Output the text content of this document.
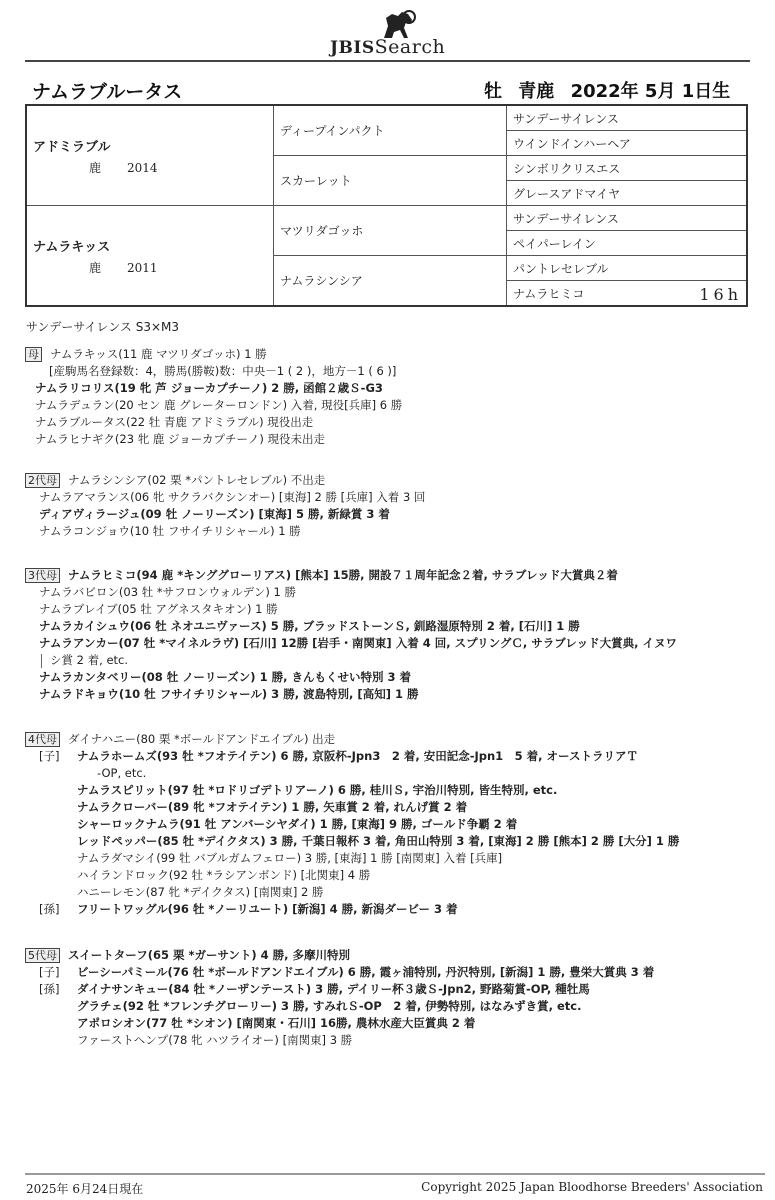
JBISSearch
ナムラブルータス	牡 青鹿 2022年 5月 1日生
アドミラブル
鹿 2014	ディープインパクト	サンデーサイレンス
		ウインドインハーヘア
	スカーレット	シンボリクリスエス
		グレースアドマイヤ

ナムラキッス
鹿 2011	マツリダゴッホ	サンデーサイレンス
		ペイパーレイン
	ナムラシンシア	パントレセレブル
		ナムラヒミコ 16h
サンデーサイレンス S3×M3
母 ナムラキッス(11 鹿 マツリダゴッホ) 1 勝
[産駒馬名登録数：4，勝馬(勝鞍)数：中央－1 ( 2 )，地方－1 ( 6 )]
ナムラリコリス(19 牝 芦 ジョーカプチーノ) 2 勝, 函館２歳Ｓ-G3
ナムラデュラン(20 セン 鹿 グレーターロンドン) 入着, 現役[兵庫] 6 勝
ナムラブルータス(22 牡 青鹿 アドミラブル) 現役出走
ナムラヒナギク(23 牝 鹿 ジョーカプチーノ) 現役未出走
2代母 ナムラシンシア(02 栗 *パントレセレブル) 不出走
ナムラアマランス(06 牝 サクラバクシンオー) [東海] 2 勝 [兵庫] 入着 3 回
ディアヴィラージュ(09 牡 ノーリーズン) [東海] 5 勝, 新緑賞 3 着
ナムラコンジョウ(10 牡 フサイチリシャール) 1 勝
3代母 ナムラヒミコ(94 鹿 *キンググローリアス) [熊本] 15勝, 開設７１周年記念２着, サラブレッド大賞典２着
ナムラバビロン(03 牡 *サフロンウォルデン) 1 勝
ナムラブレイブ(05 牡 アグネスタキオン) 1 勝
ナムラカイシュウ(06 牡 ネオユニヴァース) 5 勝, ブラッドストーンＳ, 釧路湿原特別 2 着, [石川] 1 勝
ナムラアンカー(07 牡 *マイネルラヴ) [石川] 12勝 [岩手・南関東] 入着 4 回, スプリングＣ, サラブレッド大賞典, イヌワ
シ賞 2 着, etc.
ナムラカンタベリー(08 牡 ノーリーズン) 1 勝, きんもくせい特別 3 着
ナムラドキョウ(10 牡 フサイチリシャール) 3 勝, 渡島特別, [高知] 1 勝
4代母 ダイナハニー(80 栗 *ボールドアンドエイブル) 出走
[子] ナムラホームズ(93 牡 *フオテイテン) 6 勝, 京阪杯-Jpn3　2 着, 安田記念-Jpn1　5 着, オーストラリアＴ
-OP, etc.
ナムラスピリット(97 牡 *ロドリゴデトリアーノ) 6 勝, 桂川Ｓ, 宇治川特別, 皆生特別, etc.
ナムラクローバー(89 牝 *フオテイテン) 1 勝, 矢車賞 2 着, れんげ賞 2 着
シャーロックナムラ(91 牡 アンバーシヤダイ) 1 勝, [東海] 9 勝, ゴールド争覇 2 着
レッドペッパー(85 牡 *デイクタス) 3 勝, 千葉日報杯 3 着, 角田山特別 3 着, [東海] 2 勝 [熊本] 2 勝 [大分] 1 勝
ナムラダマシイ(99 牡 バブルガムフェロー) 3 勝, [東海] 1 勝 [南関東] 入着 [兵庫]
ハイランドロック(92 牡 *ラシアンボンド) [北関東] 4 勝
ハニーレモン(87 牝 *デイクタス) [南関東] 2 勝
[孫] フリートワッグル(96 牡 *ノーリユート) [新潟] 4 勝, 新潟ダービー 3 着
5代母 スイートターフ(65 栗 *ガーサント) 4 勝, 多摩川特別
[子] ビーシーパミール(76 牡 *ボールドアンドエイブル) 6 勝, 霞ヶ浦特別, 丹沢特別, [新潟] 1 勝, 豊栄大賞典 3 着
[孫] ダイナサンキュー(84 牡 *ノーザンテースト) 3 勝, デイリー杯３歳Ｓ-Jpn2, 野路菊賞-OP, 種牡馬
グラチェ(92 牡 *フレンチグローリー) 3 勝, すみれＳ-OP　2 着, 伊勢特別, はなみずき賞, etc.
アポロシオン(77 牡 *シオン) [南関東・石川] 16勝, 農林水産大臣賞典 2 着
ファーストヘンプ(78 牝 ハツライオー) [南関東] 3 勝
2025年 6月24日現在	Copyright 2025 Japan Bloodhorse Breeders' Association
